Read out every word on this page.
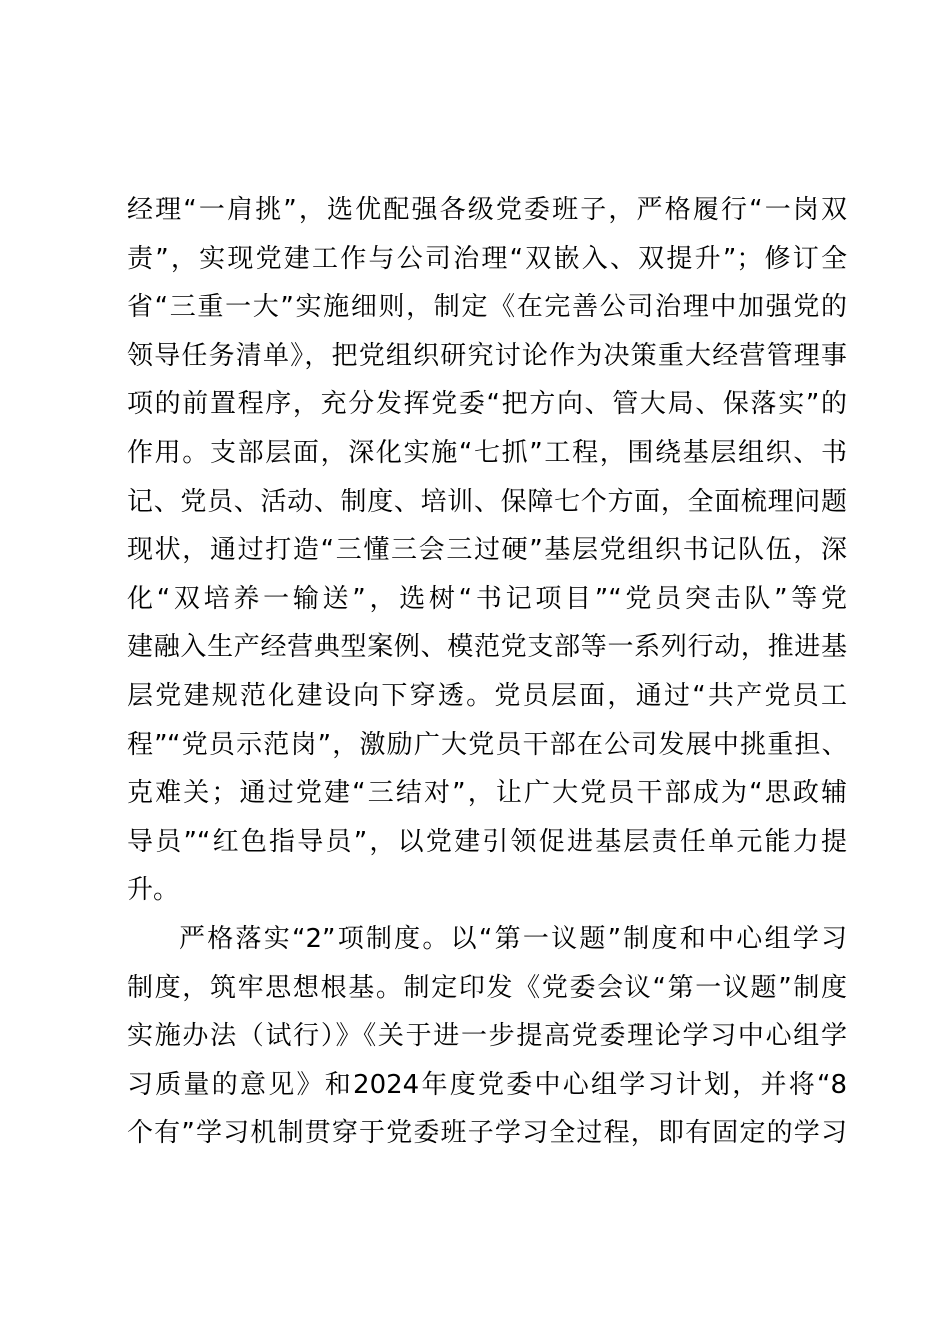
经理“一肩挑”，选优配强各级党委班子，严格履行“一岗双
责”，实现党建工作与公司治理“双嵌入、双提升”；修订全
省“三重一大”实施细则，制定《在完善公司治理中加强党的
领导任务清单》，把党组织研究讨论作为决策重大经营管理事
项的前置程序，充分发挥党委“把方向、管大局、保落实”的
作用。支部层面，深化实施“七抓”工程，围绕基层组织、书
记、党员、活动、制度、培训、保障七个方面，全面梳理问题
现状，通过打造“三懂三会三过硬”基层党组织书记队伍，深
化“双培养一输送”，选树“书记项目”“党员突击队”等党
建融入生产经营典型案例、模范党支部等一系列行动，推进基
层党建规范化建设向下穿透。党员层面，通过“共产党员工
程”“党员示范岗”，激励广大党员干部在公司发展中挑重担、
克难关；通过党建“三结对”，让广大党员干部成为“思政辅
导员”“红色指导员”，以党建引领促进基层责任单元能力提
升。
严格落实“2”项制度。以“第一议题”制度和中心组学习
制度，筑牢思想根基。制定印发《党委会议“第一议题”制度
实施办法（试行）》《关于进一步提高党委理论学习中心组学
习质量的意见》和2024年度党委中心组学习计划，并将“8
个有”学习机制贯穿于党委班子学习全过程，即有固定的学习
